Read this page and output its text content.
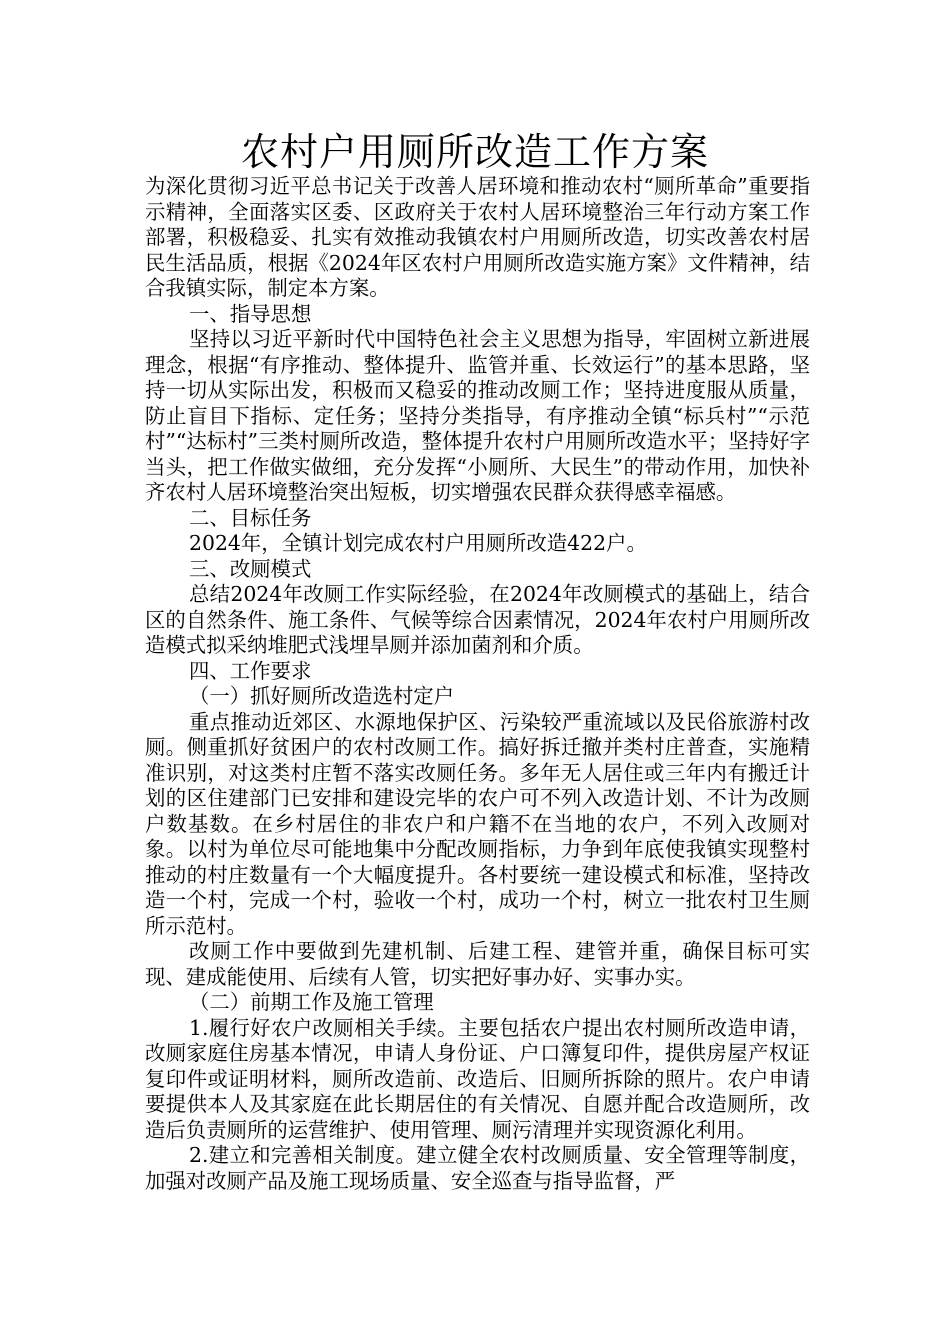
农村户用厕所改造工作方案

为深化贯彻习近平总书记关于改善人居环境和推动农村“厕所革命”重要指示精神，全面落实区委、区政府关于农村人居环境整治三年行动方案工作部署，积极稳妥、扎实有效推动我镇农村户用厕所改造，切实改善农村居民生活品质，根据《2024年区农村户用厕所改造实施方案》文件精神，结合我镇实际，制定本方案。

一、指导思想

坚持以习近平新时代中国特色社会主义思想为指导，牢固树立新进展理念，根据“有序推动、整体提升、监管并重、长效运行”的基本思路，坚持一切从实际出发，积极而又稳妥的推动改厕工作；坚持进度服从质量，防止盲目下指标、定任务；坚持分类指导，有序推动全镇“标兵村”“示范村”“达标村”三类村厕所改造，整体提升农村户用厕所改造水平；坚持好字当头，把工作做实做细，充分发挥“小厕所、大民生”的带动作用，加快补齐农村人居环境整治突出短板，切实增强农民群众获得感幸福感。

二、目标任务

2024年，全镇计划完成农村户用厕所改造422户。

三、改厕模式

总结2024年改厕工作实际经验，在2024年改厕模式的基础上，结合区的自然条件、施工条件、气候等综合因素情况，2024年农村户用厕所改造模式拟采纳堆肥式浅埋旱厕并添加菌剂和介质。

四、工作要求

（一）抓好厕所改造选村定户

重点推动近郊区、水源地保护区、污染较严重流域以及民俗旅游村改厕。侧重抓好贫困户的农村改厕工作。搞好拆迁撤并类村庄普查，实施精准识别，对这类村庄暂不落实改厕任务。多年无人居住或三年内有搬迁计划的区住建部门已安排和建设完毕的农户可不列入改造计划、不计为改厕户数基数。在乡村居住的非农户和户籍不在当地的农户，不列入改厕对象。以村为单位尽可能地集中分配改厕指标，力争到年底使我镇实现整村推动的村庄数量有一个大幅度提升。各村要统一建设模式和标准，坚持改造一个村，完成一个村，验收一个村，成功一个村，树立一批农村卫生厕所示范村。

改厕工作中要做到先建机制、后建工程、建管并重，确保目标可实现、建成能使用、后续有人管，切实把好事办好、实事办实。

（二）前期工作及施工管理

1.履行好农户改厕相关手续。主要包括农户提出农村厕所改造申请，改厕家庭住房基本情况，申请人身份证、户口簿复印件，提供房屋产权证复印件或证明材料，厕所改造前、改造后、旧厕所拆除的照片。农户申请要提供本人及其家庭在此长期居住的有关情况、自愿并配合改造厕所，改造后负责厕所的运营维护、使用管理、厕污清理并实现资源化利用。

2.建立和完善相关制度。建立健全农村改厕质量、安全管理等制度，加强对改厕产品及施工现场质量、安全巡查与指导监督，严
